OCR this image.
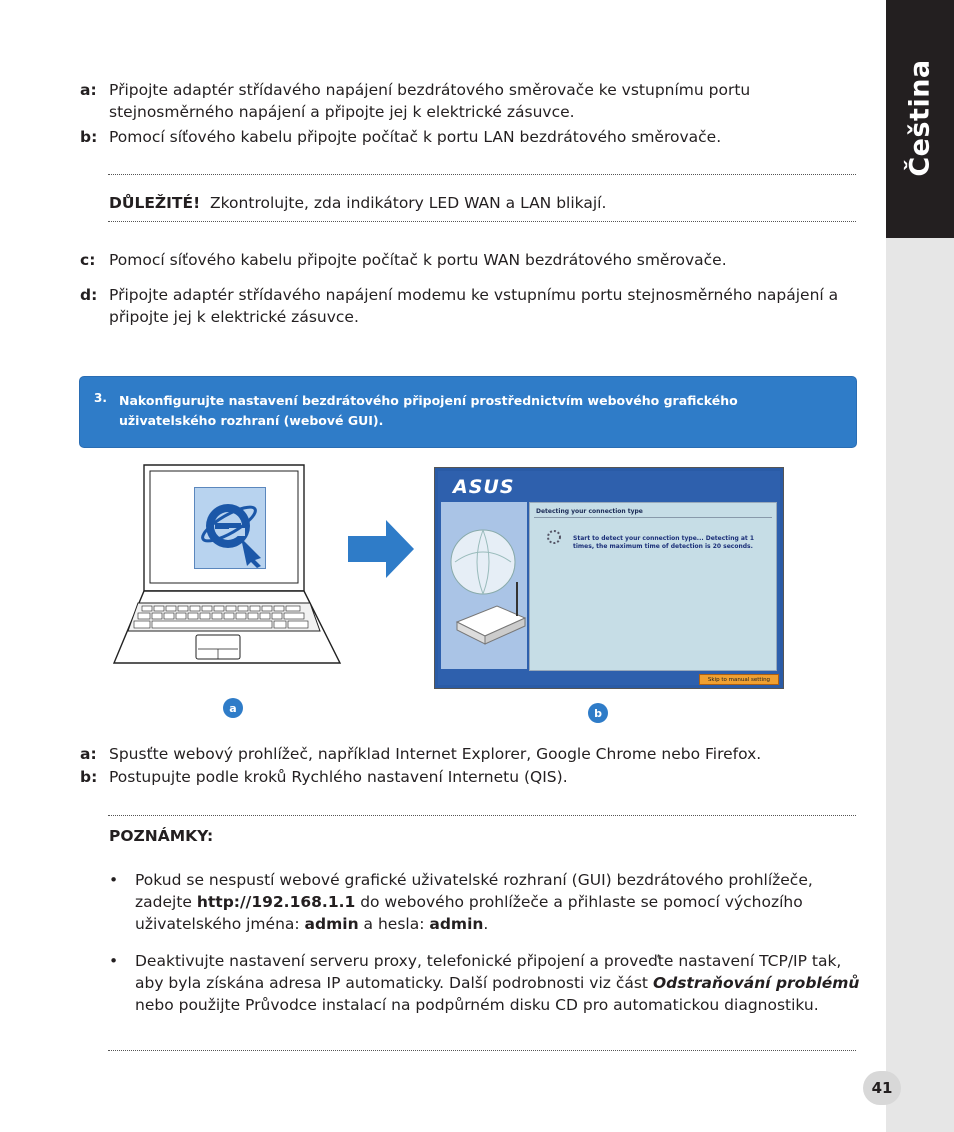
Čeština
a: Připojte adaptér střídavého napájení bezdrátového směrovače ke vstupnímu portu stejnosměrného napájení a připojte jej k elektrické zásuvce.
b: Pomocí síťového kabelu připojte počítač k portu LAN bezdrátového směrovače.
DŮLEŽITÉ! Zkontrolujte, zda indikátory LED WAN a LAN blikají.
c: Pomocí síťového kabelu připojte počítač k portu WAN bezdrátového směrovače.
d: Připojte adaptér střídavého napájení modemu ke vstupnímu portu stejnosměrného napájení a připojte jej k elektrické zásuvce.
3. Nakonfigurujte nastavení bezdrátového připojení prostřednictvím webového grafického uživatelského rozhraní (webové GUI).
ASUS
Detecting your connection type
Start to detect your connection type... Detecting at 1 times, the maximum time of detection is 20 seconds.
Skip to manual setting
a	b
a: Spusťte webový prohlížeč, například Internet Explorer, Google Chrome nebo Firefox.
b: Postupujte podle kroků Rychlého nastavení Internetu (QIS).
POZNÁMKY:
• Pokud se nespustí webové grafické uživatelské rozhraní (GUI) bezdrátového prohlížeče, zadejte http://192.168.1.1 do webového prohlížeče a přihlaste se pomocí výchozího uživatelského jména: admin a hesla: admin.
• Deaktivujte nastavení serveru proxy, telefonické připojení a proveďte nastavení TCP/IP tak, aby byla získána adresa IP automaticky. Další podrobnosti viz část Odstraňování problémů nebo použijte Průvodce instalací na podpůrném disku CD pro automatickou diagnostiku.
41
